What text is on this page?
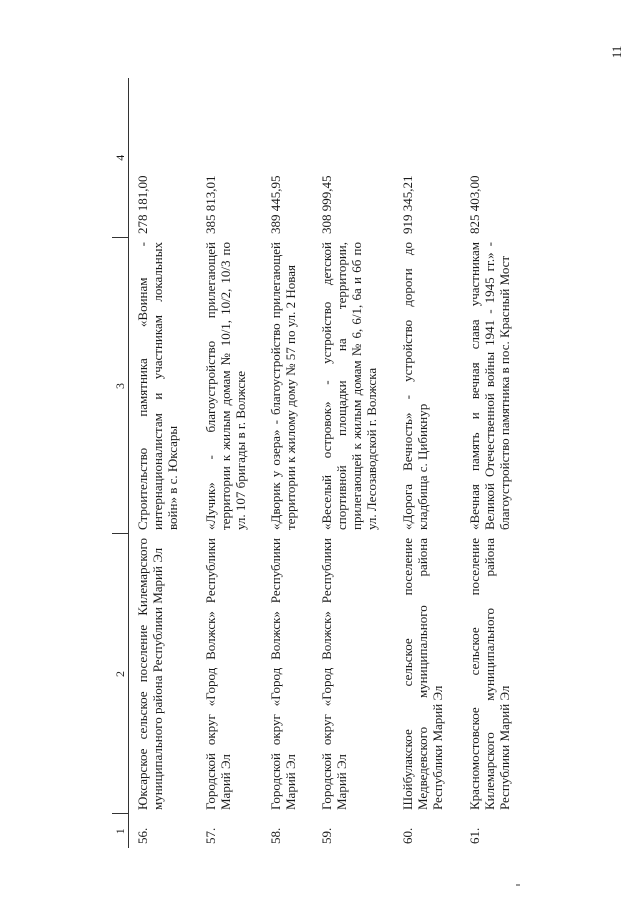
11
1	2	3	4
56.	Юксарское сельское поселение Килемарского муниципального района Республики Марий Эл	Строительство памятника «Воинам - интернационалистам и участникам локальных войн» в с. Юксары	278 181,00
57.	Городской округ «Город Волжск» Республики Марий Эл	«Лучик» - благоустройство прилегающей территории к жилым домам № 10/1, 10/2, 10/3 по ул. 107 бригады в г. Волжске	385 813,01
58.	Городской округ «Город Волжск» Республики Марий Эл	«Дворик у озера» - благоустройство прилегающей территории к жилому дому № 57 по ул. 2 Новая	389 445,95
59.	Городской округ «Город Волжск» Республики Марий Эл	«Веселый островок» - устройство детской спортивной площадки на территории, прилегающей к жилым домам № 6, 6/1, 6а и 6б по ул. Лесозаводской г. Волжска	308 999,45
60.	Шойбулакское сельское поселение Медведевского муниципального района Республики Марий Эл	«Дорога Вечность» - устройство дороги до кладбища с. Цибикнур	919 345,21
61.	Красномостовское сельское поселение Килемарского муниципального района Республики Марий Эл	«Вечная память и вечная слава участникам Великой Отечественной войны 1941 - 1945 гг.» - благоустройство памятника в пос. Красный Мост	825 403,00
